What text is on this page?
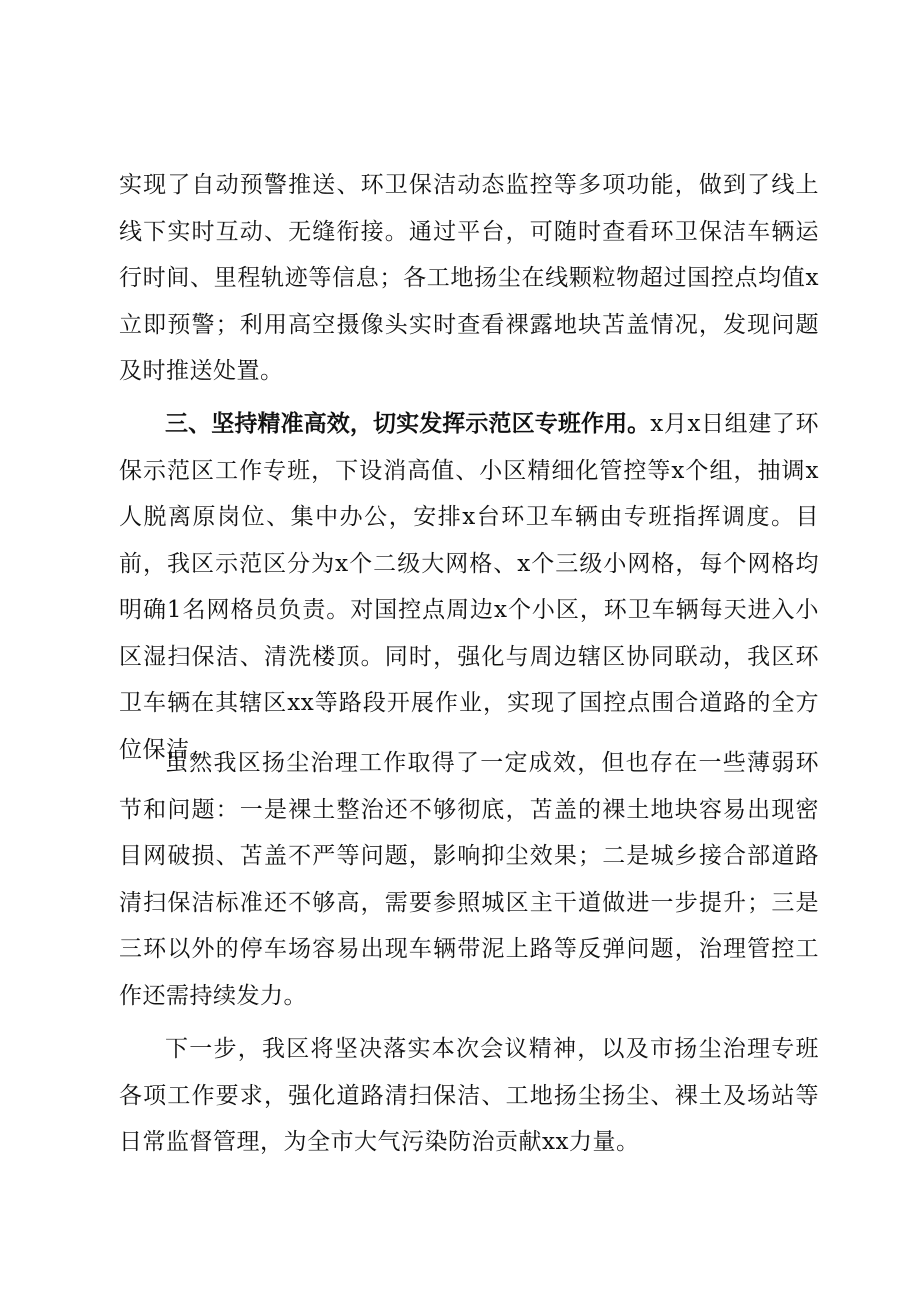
实现了自动预警推送、环卫保洁动态监控等多项功能，做到了线上线下实时互动、无缝衔接。通过平台，可随时查看环卫保洁车辆运行时间、里程轨迹等信息；各工地扬尘在线颗粒物超过国控点均值x立即预警；利用高空摄像头实时查看裸露地块苫盖情况，发现问题及时推送处置。

三、坚持精准高效，切实发挥示范区专班作用。x月x日组建了环保示范区工作专班，下设消高值、小区精细化管控等x个组，抽调x人脱离原岗位、集中办公，安排x台环卫车辆由专班指挥调度。目前，我区示范区分为x个二级大网格、x个三级小网格，每个网格均明确1名网格员负责。对国控点周边x个小区，环卫车辆每天进入小区湿扫保洁、清洗楼顶。同时，强化与周边辖区协同联动，我区环卫车辆在其辖区xx等路段开展作业，实现了国控点围合道路的全方位保洁。

虽然我区扬尘治理工作取得了一定成效，但也存在一些薄弱环节和问题：一是裸土整治还不够彻底，苫盖的裸土地块容易出现密目网破损、苫盖不严等问题，影响抑尘效果；二是城乡接合部道路清扫保洁标准还不够高，需要参照城区主干道做进一步提升；三是三环以外的停车场容易出现车辆带泥上路等反弹问题，治理管控工作还需持续发力。

下一步，我区将坚决落实本次会议精神，以及市扬尘治理专班各项工作要求，强化道路清扫保洁、工地扬尘扬尘、裸土及场站等日常监督管理，为全市大气污染防治贡献xx力量。
